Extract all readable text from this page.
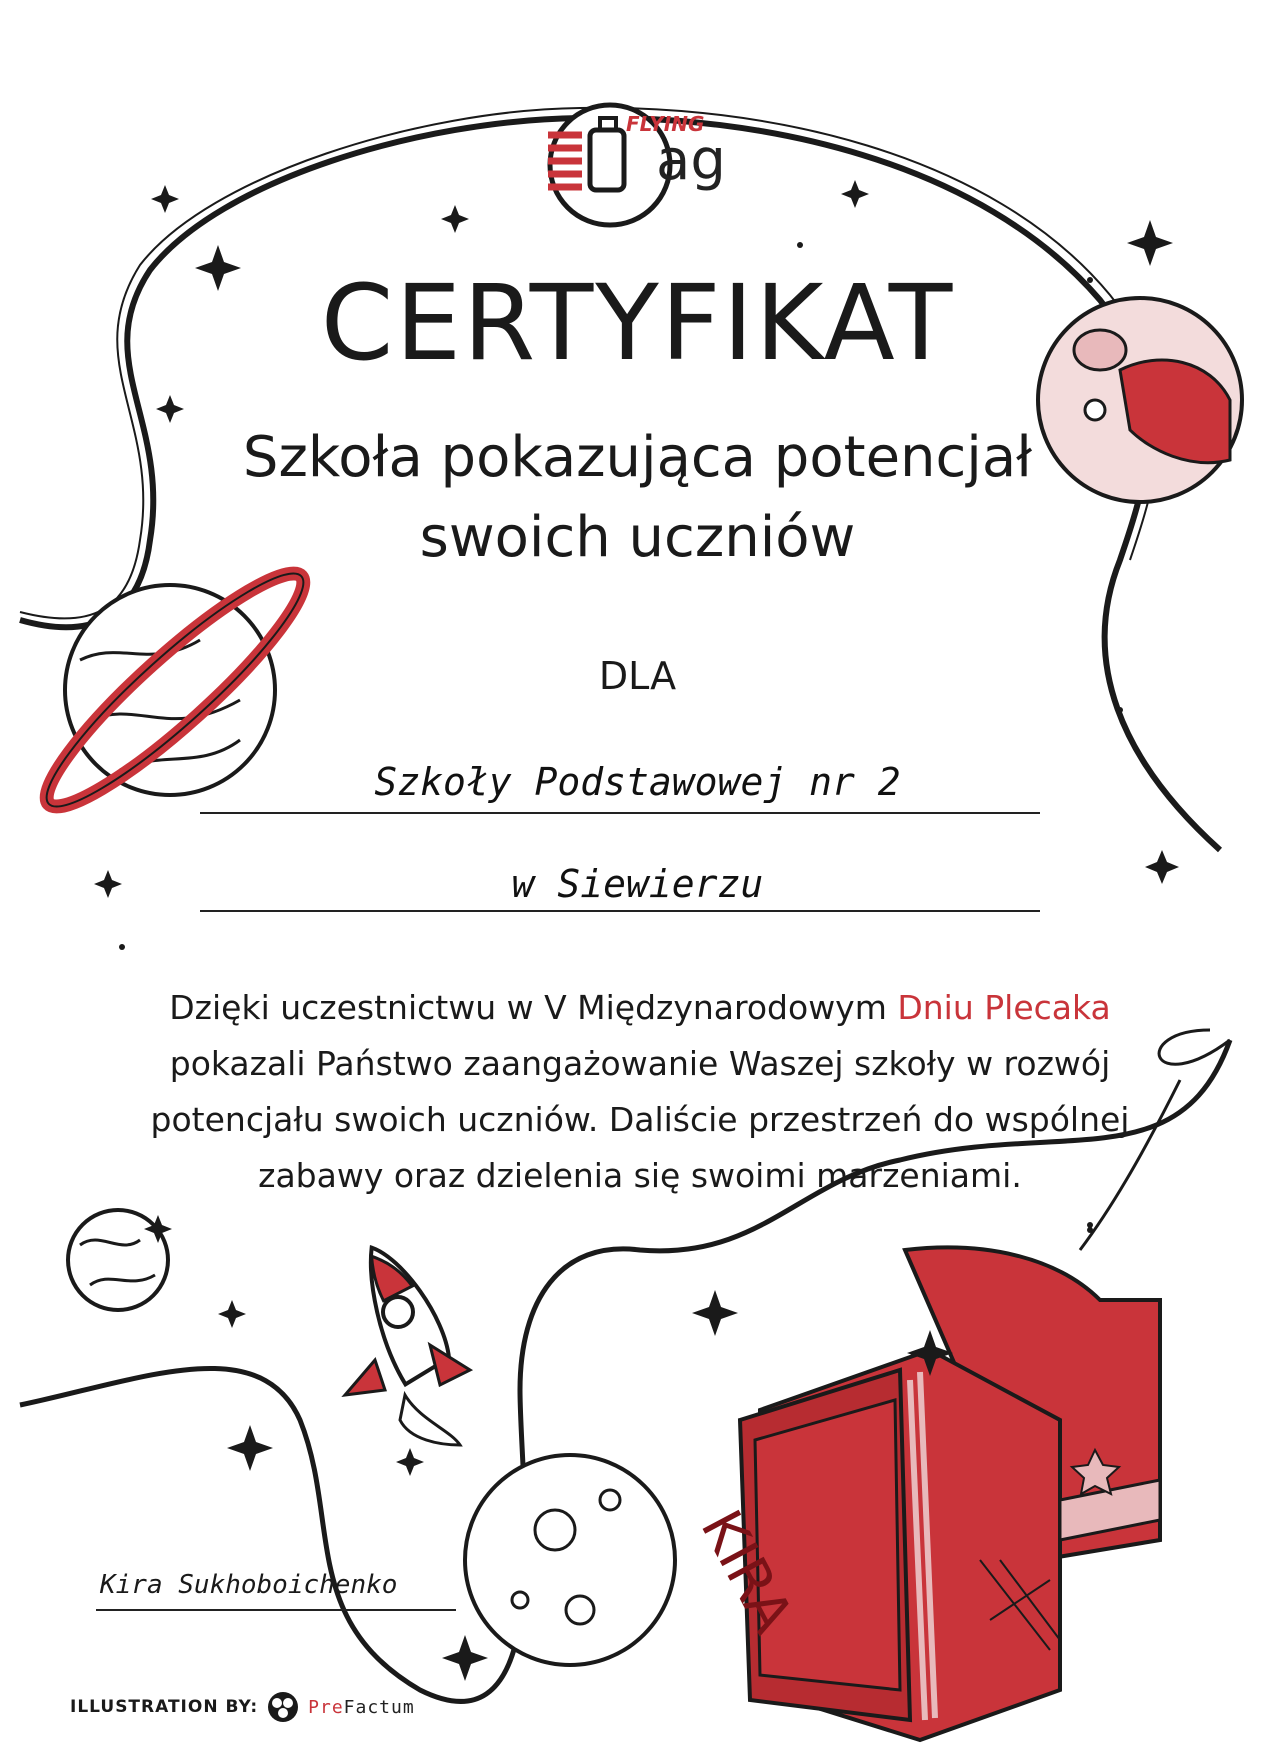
FLYING
ag
CERTYFIKAT
Szkoła pokazująca potencjał swoich uczniów
DLA
Szkoły Podstawowej nr 2
w Siewierzu
Dzięki uczestnictwu w V Międzynarodowym Dniu Plecaka pokazali Państwo zaangażowanie Waszej szkoły w rozwój potencjału swoich uczniów. Daliście przestrzeń do wspólnej zabawy oraz dzielenia się swoimi marzeniami.
KIRA
Kira Sukhoboichenko
ILLUSTRATION BY:	PreFactum
